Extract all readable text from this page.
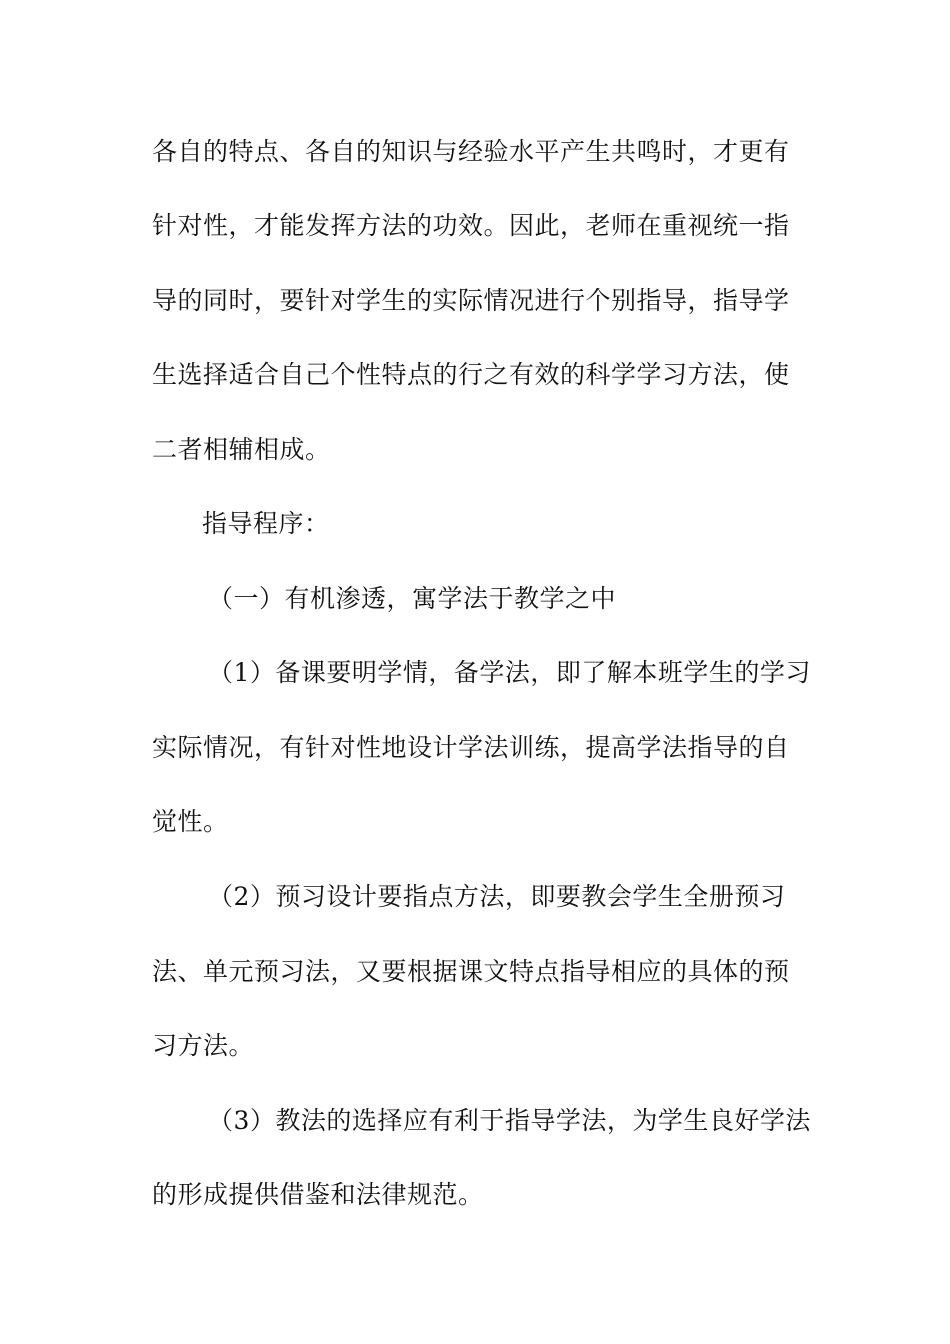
各自的特点、各自的知识与经验水平产生共鸣时，才更有
针对性，才能发挥方法的功效。因此，老师在重视统一指
导的同时，要针对学生的实际情况进行个别指导，指导学
生选择适合自己个性特点的行之有效的科学学习方法，使
二者相辅相成。
指导程序：
（一）有机渗透，寓学法于教学之中
（1）备课要明学情，备学法，即了解本班学生的学习
实际情况，有针对性地设计学法训练，提高学法指导的自
觉性。
（2）预习设计要指点方法，即要教会学生全册预习
法、单元预习法，又要根据课文特点指导相应的具体的预
习方法。
（3）教法的选择应有利于指导学法，为学生良好学法
的形成提供借鉴和法律规范。
